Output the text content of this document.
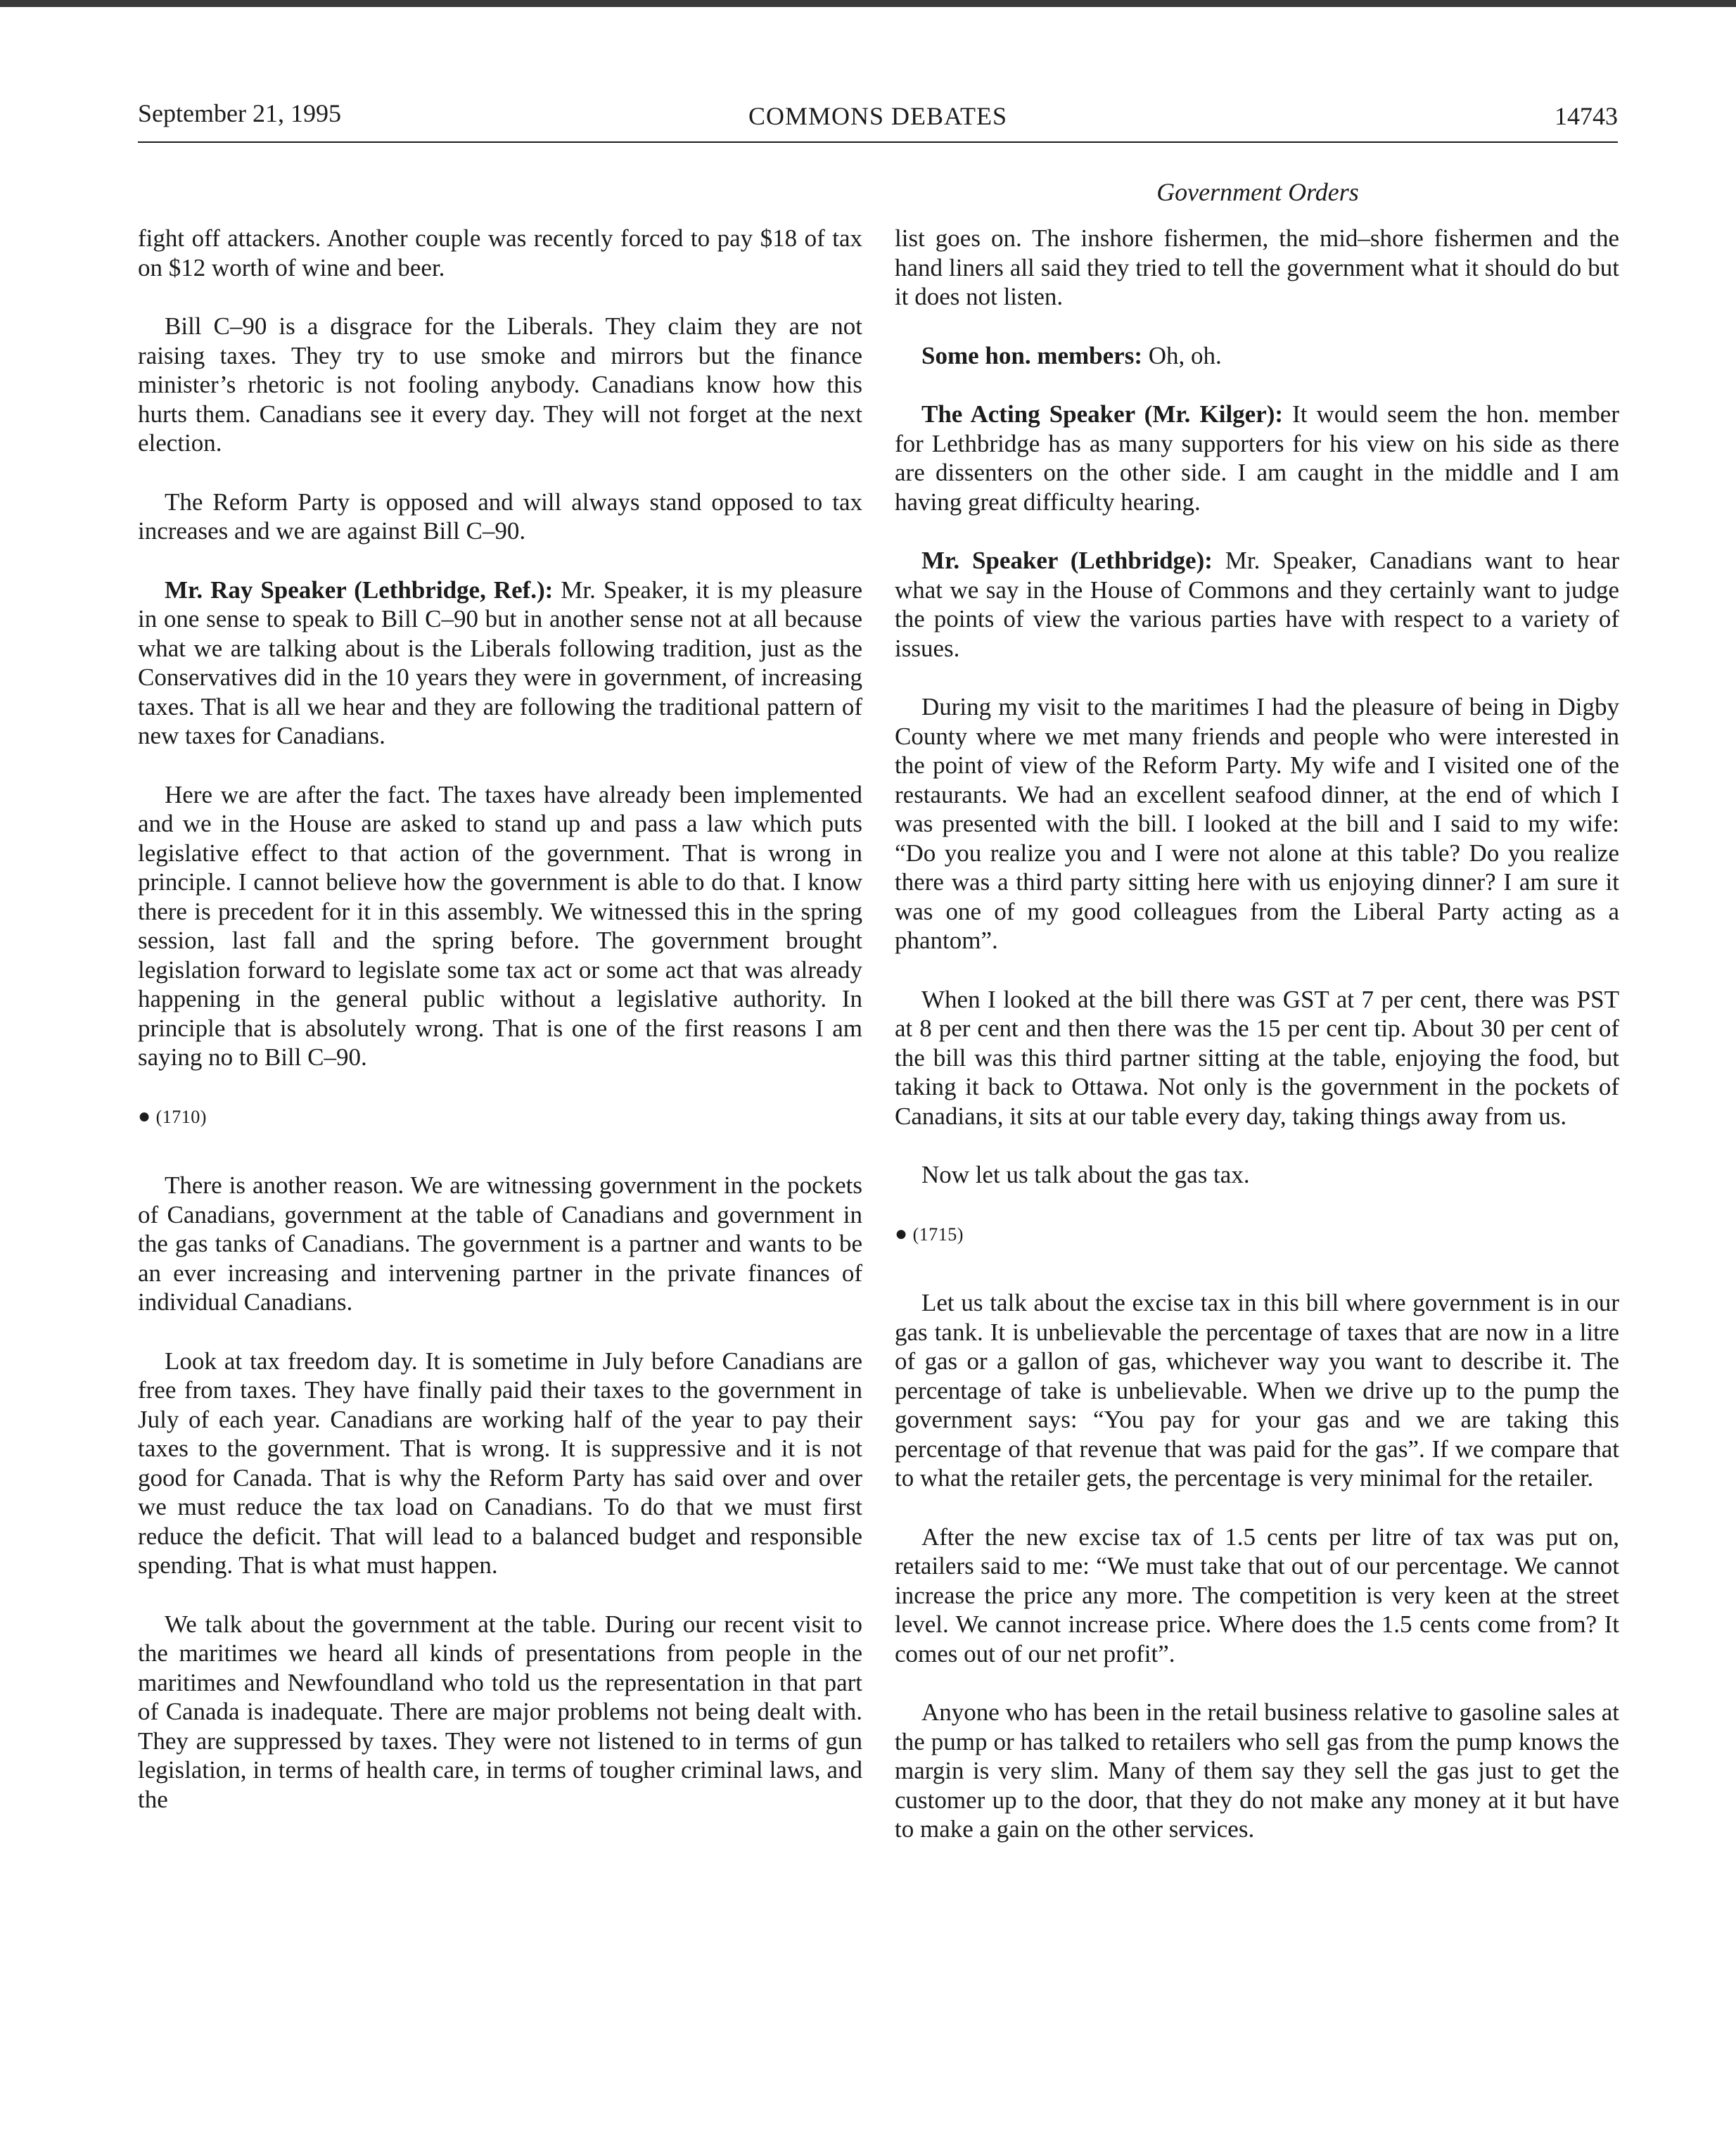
September 21, 1995	COMMONS DEBATES	14743
Government Orders

fight off attackers. Another couple was recently forced to pay $18 of tax on $12 worth of wine and beer.

Bill C–90 is a disgrace for the Liberals. They claim they are not raising taxes. They try to use smoke and mirrors but the finance minister’s rhetoric is not fooling anybody. Canadians know how this hurts them. Canadians see it every day. They will not forget at the next election.

The Reform Party is opposed and will always stand opposed to tax increases and we are against Bill C–90.

Mr. Ray Speaker (Lethbridge, Ref.): Mr. Speaker, it is my pleasure in one sense to speak to Bill C–90 but in another sense not at all because what we are talking about is the Liberals following tradition, just as the Conservatives did in the 10 years they were in government, of increasing taxes. That is all we hear and they are following the traditional pattern of new taxes for Canadians.

Here we are after the fact. The taxes have already been implemented and we in the House are asked to stand up and pass a law which puts legislative effect to that action of the government. That is wrong in principle. I cannot believe how the government is able to do that. I know there is precedent for it in this assembly. We witnessed this in the spring session, last fall and the spring before. The government brought legislation forward to legislate some tax act or some act that was already happening in the general public without a legislative authority. In principle that is absolutely wrong. That is one of the first reasons I am saying no to Bill C–90.

● (1710)

There is another reason. We are witnessing government in the pockets of Canadians, government at the table of Canadians and government in the gas tanks of Canadians. The government is a partner and wants to be an ever increasing and intervening partner in the private finances of individual Canadians.

Look at tax freedom day. It is sometime in July before Canadians are free from taxes. They have finally paid their taxes to the government in July of each year. Canadians are working half of the year to pay their taxes to the government. That is wrong. It is suppressive and it is not good for Canada. That is why the Reform Party has said over and over we must reduce the tax load on Canadians. To do that we must first reduce the deficit. That will lead to a balanced budget and responsible spending. That is what must happen.

We talk about the government at the table. During our recent visit to the maritimes we heard all kinds of presentations from people in the maritimes and Newfoundland who told us the representation in that part of Canada is inadequate. There are major problems not being dealt with. They are suppressed by taxes. They were not listened to in terms of gun legislation, in terms of health care, in terms of tougher criminal laws, and the

list goes on. The inshore fishermen, the mid–shore fishermen and the hand liners all said they tried to tell the government what it should do but it does not listen.

Some hon. members: Oh, oh.

The Acting Speaker (Mr. Kilger): It would seem the hon. member for Lethbridge has as many supporters for his view on his side as there are dissenters on the other side. I am caught in the middle and I am having great difficulty hearing.

Mr. Speaker (Lethbridge): Mr. Speaker, Canadians want to hear what we say in the House of Commons and they certainly want to judge the points of view the various parties have with respect to a variety of issues.

During my visit to the maritimes I had the pleasure of being in Digby County where we met many friends and people who were interested in the point of view of the Reform Party. My wife and I visited one of the restaurants. We had an excellent seafood dinner, at the end of which I was presented with the bill. I looked at the bill and I said to my wife: “Do you realize you and I were not alone at this table? Do you realize there was a third party sitting here with us enjoying dinner? I am sure it was one of my good colleagues from the Liberal Party acting as a phantom”.

When I looked at the bill there was GST at 7 per cent, there was PST at 8 per cent and then there was the 15 per cent tip. About 30 per cent of the bill was this third partner sitting at the table, enjoying the food, but taking it back to Ottawa. Not only is the government in the pockets of Canadians, it sits at our table every day, taking things away from us.

Now let us talk about the gas tax.

● (1715)

Let us talk about the excise tax in this bill where government is in our gas tank. It is unbelievable the percentage of taxes that are now in a litre of gas or a gallon of gas, whichever way you want to describe it. The percentage of take is unbelievable. When we drive up to the pump the government says: “You pay for your gas and we are taking this percentage of that revenue that was paid for the gas”. If we compare that to what the retailer gets, the percentage is very minimal for the retailer.

After the new excise tax of 1.5 cents per litre of tax was put on, retailers said to me: “We must take that out of our percentage. We cannot increase the price any more. The competition is very keen at the street level. We cannot increase price. Where does the 1.5 cents come from? It comes out of our net profit”.

Anyone who has been in the retail business relative to gasoline sales at the pump or has talked to retailers who sell gas from the pump knows the margin is very slim. Many of them say they sell the gas just to get the customer up to the door, that they do not make any money at it but have to make a gain on the other services.
